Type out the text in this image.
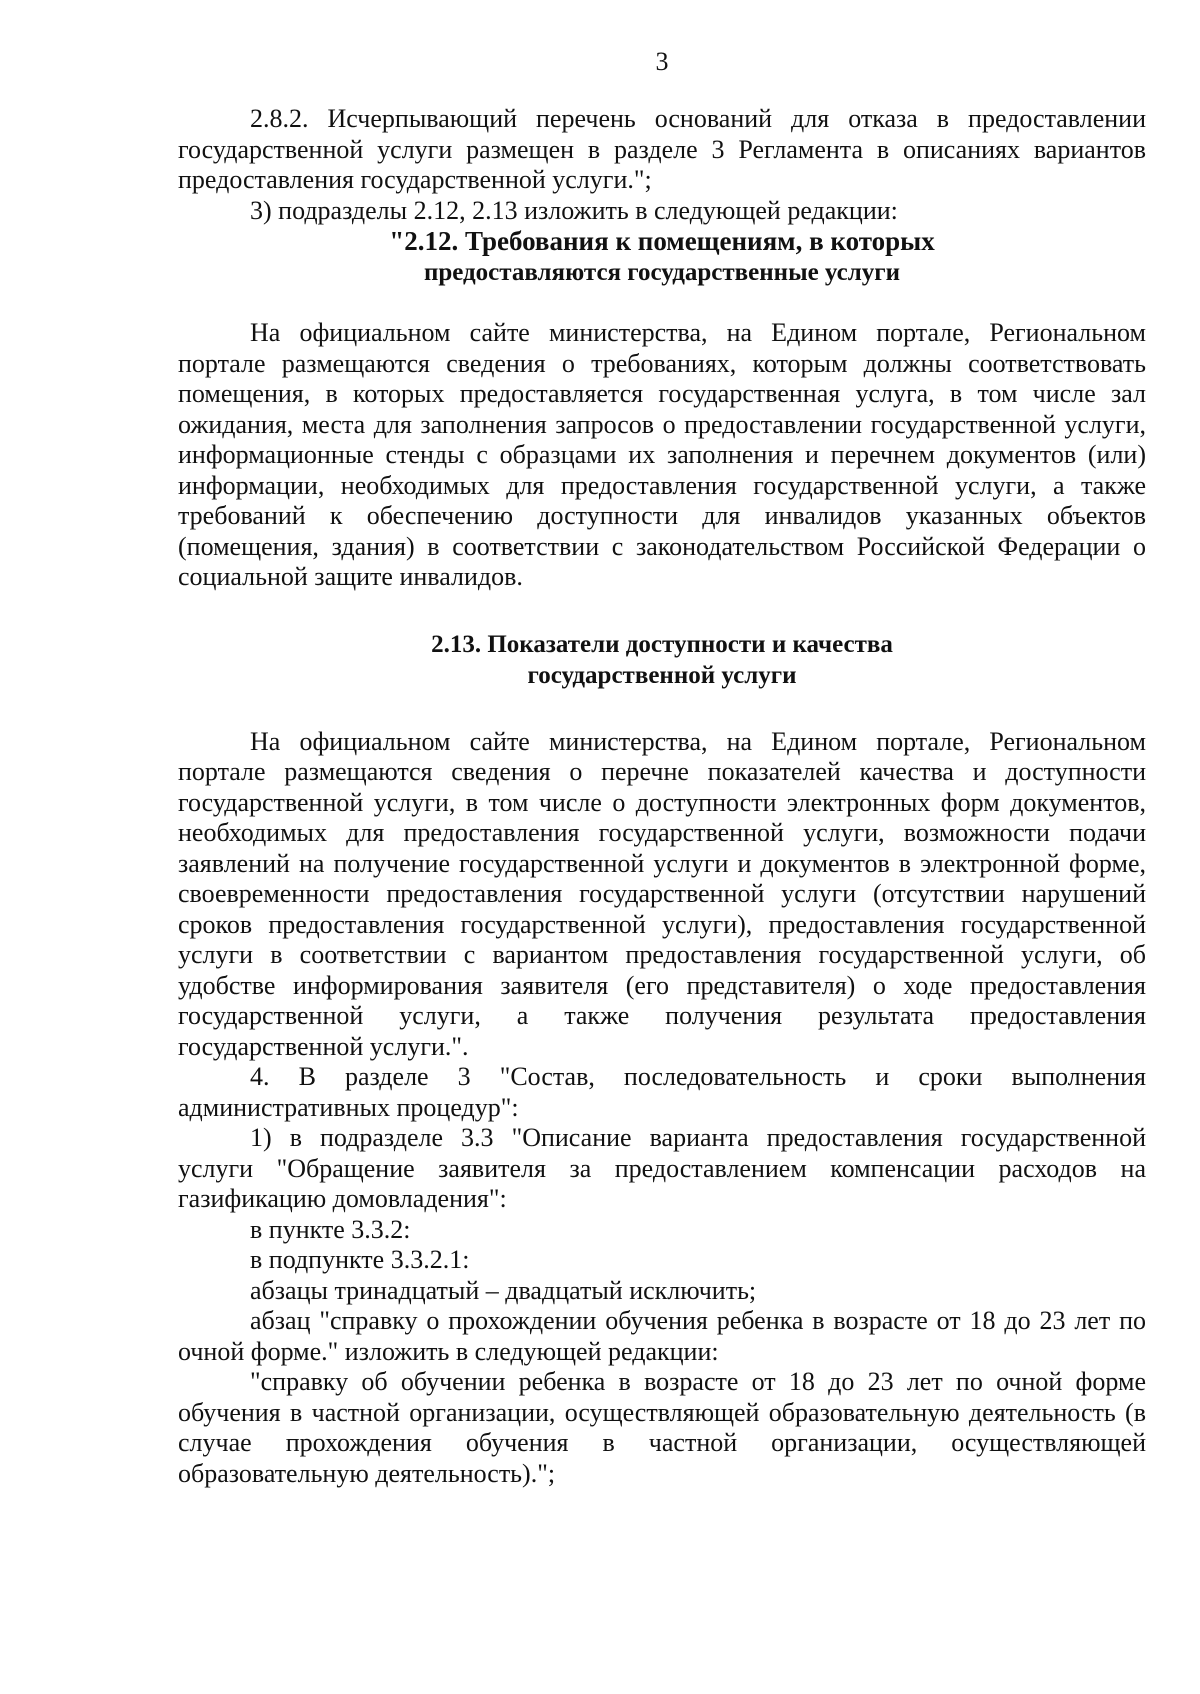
3

2.8.2. Исчерпывающий перечень оснований для отказа в предоставлении государственной услуги размещен в разделе 3 Регламента в описаниях вариантов предоставления государственной услуги.";

3) подразделы 2.12, 2.13 изложить в следующей редакции:

"2.12. Требования к помещениям, в которых

предоставляются государственные услуги

На официальном сайте министерства, на Едином портале, Региональном портале размещаются сведения о требованиях, которым должны соответствовать помещения, в которых предоставляется государственная услуга, в том числе зал ожидания, места для заполнения запросов о предоставлении государственной услуги, информационные стенды с образцами их заполнения и перечнем документов (или) информации, необходимых для предоставления государственной услуги, а также требований к обеспечению доступности для инвалидов указанных объектов (помещения, здания) в соответствии с законодательством Российской Федерации о социальной защите инвалидов.

2.13. Показатели доступности и качества

государственной услуги

На официальном сайте министерства, на Едином портале, Региональном портале размещаются сведения о перечне показателей качества и доступности государственной услуги, в том числе о доступности электронных форм документов, необходимых для предоставления государственной услуги, возможности подачи заявлений на получение государственной услуги и документов в электронной форме, своевременности предоставления государственной услуги (отсутствии нарушений сроков предоставления государственной услуги), предоставления государственной услуги в соответствии с вариантом предоставления государственной услуги, об удобстве информирования заявителя (его представителя) о ходе предоставления государственной услуги, а также получения результата предоставления государственной услуги.".

4. В разделе 3 "Состав, последовательность и сроки выполнения административных процедур":

1) в подразделе 3.3 "Описание варианта предоставления государственной услуги "Обращение заявителя за предоставлением компенсации расходов на газификацию домовладения":

в пункте 3.3.2:

в подпункте 3.3.2.1:

абзацы тринадцатый – двадцатый исключить;

абзац "справку о прохождении обучения ребенка в возрасте от 18 до 23 лет по очной форме." изложить в следующей редакции:

"справку об обучении ребенка в возрасте от 18 до 23 лет по очной форме обучения в частной организации, осуществляющей образовательную деятельность (в случае прохождения обучения в частной организации, осуществляющей образовательную деятельность).";
